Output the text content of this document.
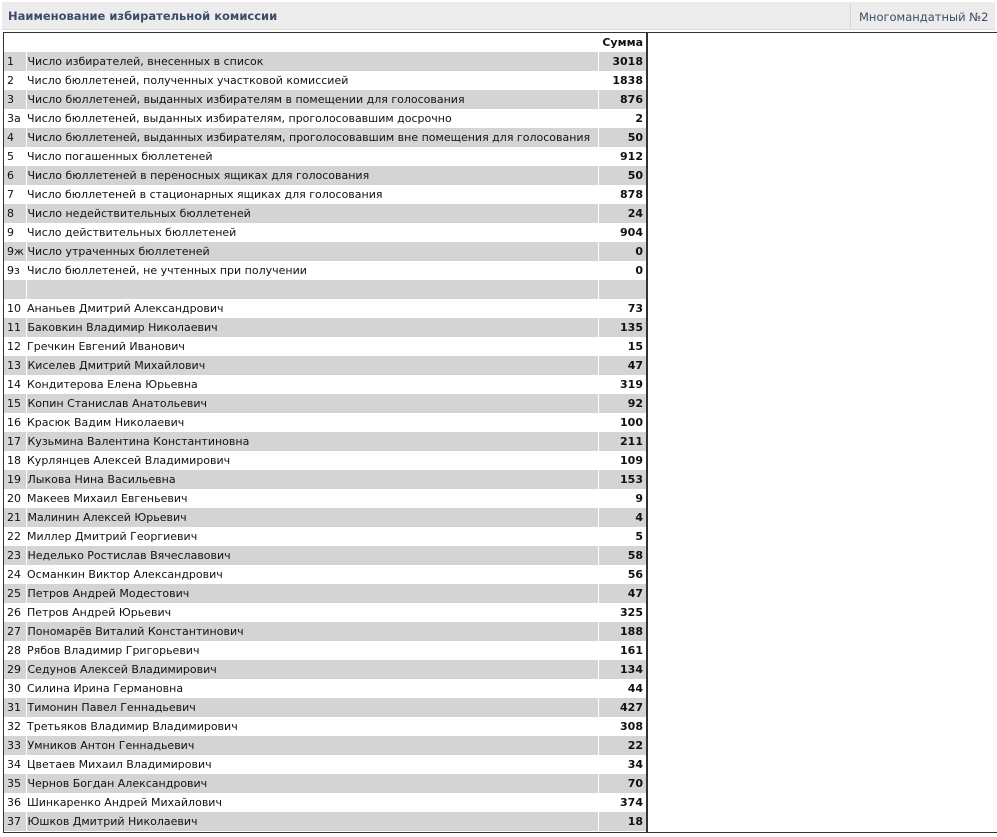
Наименование избирательной комиссии	Многомандатный №2
		Сумма
1	Число избирателей, внесенных в список	3018
2	Число бюллетеней, полученных участковой комиссией	1838
3	Число бюллетеней, выданных избирателям в помещении для голосования	876
3а	Число бюллетеней, выданных избирателям, проголосовавшим досрочно	2
4	Число бюллетеней, выданных избирателям, проголосовавшим вне помещения для голосования	50
5	Число погашенных бюллетеней	912
6	Число бюллетеней в переносных ящиках для голосования	50
7	Число бюллетеней в стационарных ящиках для голосования	878
8	Число недействительных бюллетеней	24
9	Число действительных бюллетеней	904
9ж	Число утраченных бюллетеней	0
9з	Число бюллетеней, не учтенных при получении	0

10	Ананьев Дмитрий Александрович	73
11	Баковкин Владимир Николаевич	135
12	Гречкин Евгений Иванович	15
13	Киселев Дмитрий Михайлович	47
14	Кондитерова Елена Юрьевна	319
15	Копин Станислав Анатольевич	92
16	Красюк Вадим Николаевич	100
17	Кузьмина Валентина Константиновна	211
18	Курлянцев Алексей Владимирович	109
19	Лыкова Нина Васильевна	153
20	Макеев Михаил Евгеньевич	9
21	Малинин Алексей Юрьевич	4
22	Миллер Дмитрий Георгиевич	5
23	Неделько Ростислав Вячеславович	58
24	Османкин Виктор Александрович	56
25	Петров Андрей Модестович	47
26	Петров Андрей Юрьевич	325
27	Пономарёв Виталий Константинович	188
28	Рябов Владимир Григорьевич	161
29	Седунов Алексей Владимирович	134
30	Силина Ирина Германовна	44
31	Тимонин Павел Геннадьевич	427
32	Третьяков Владимир Владимирович	308
33	Умников Антон Геннадьевич	22
34	Цветаев Михаил Владимирович	34
35	Чернов Богдан Александрович	70
36	Шинкаренко Андрей Михайлович	374
37	Юшков Дмитрий Николаевич	18
